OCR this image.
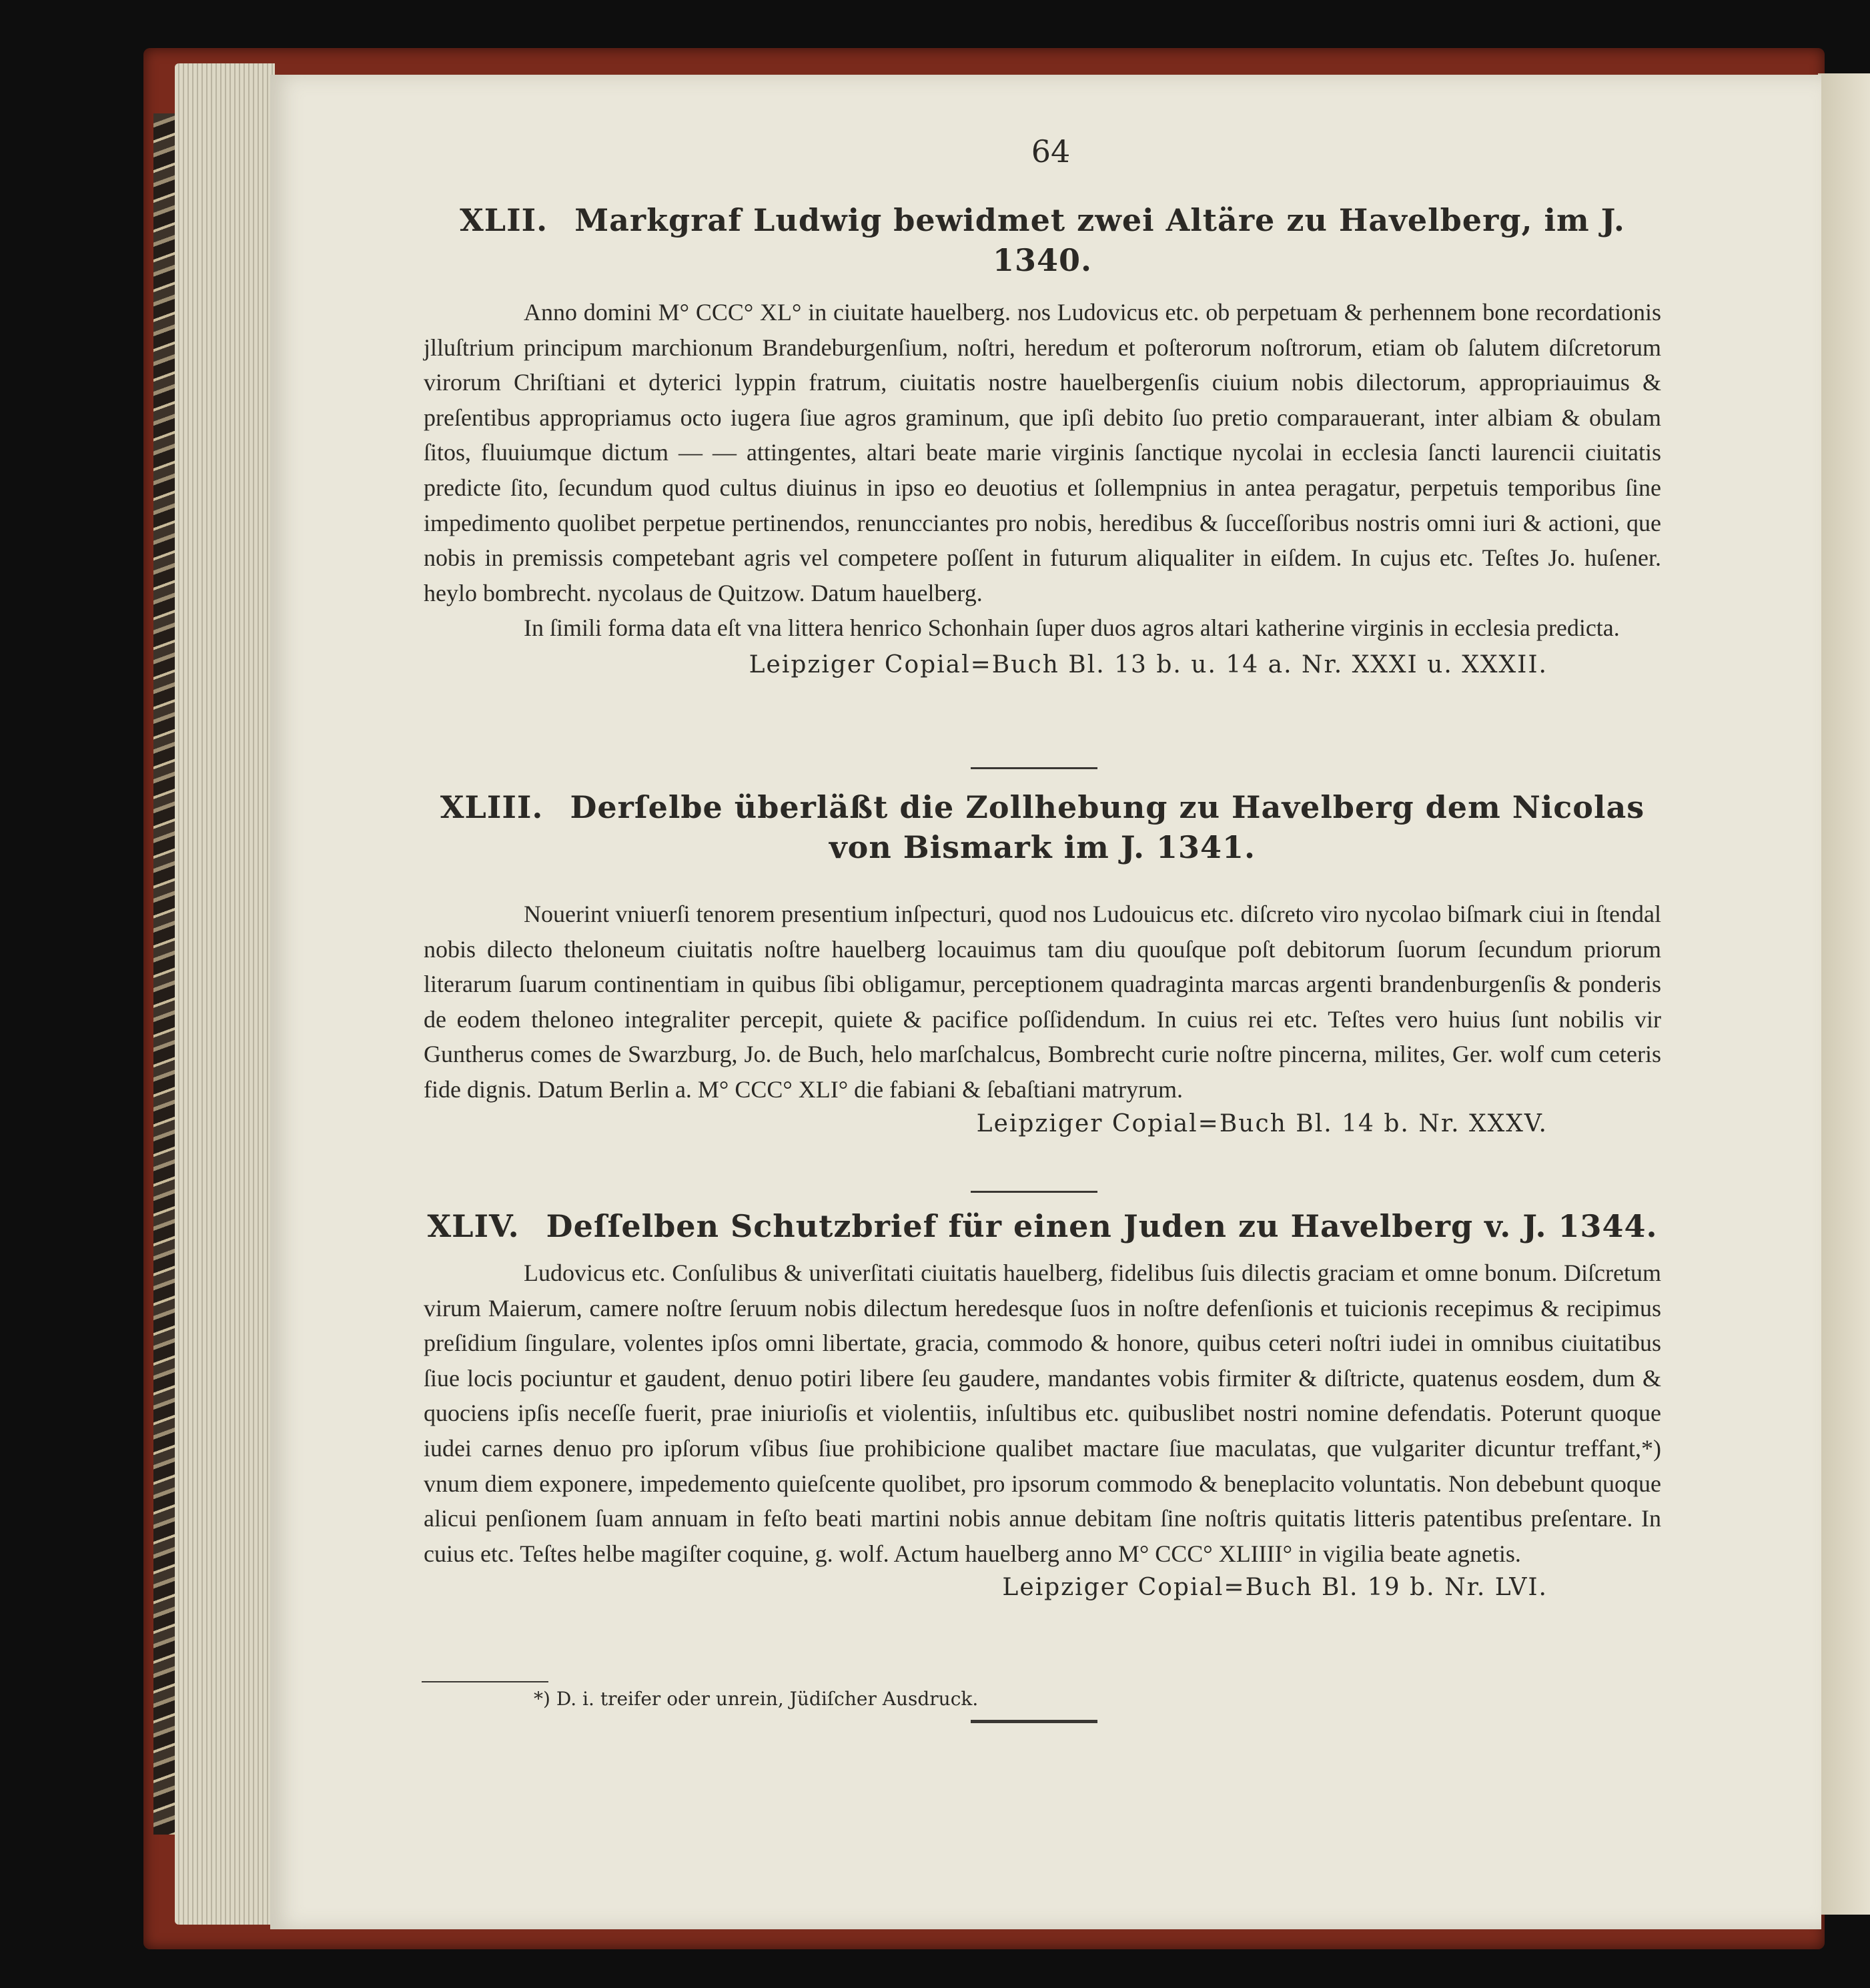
64
XLII. Markgraf Ludwig bewidmet zwei Altäre zu Havelberg, im J. 1340.
Anno domini M° CCC° XL° in ciuitate hauelberg. nos Ludovicus etc. ob perpetuam & perhennem bone recordationis jlluſtrium principum marchionum Brandeburgenſium, noſtri, heredum et poſterorum noſtrorum, etiam ob ſalutem diſcretorum virorum Chriſtiani et dyterici lyppin fratrum, ciuitatis nostre hauelbergenſis ciuium nobis dilectorum, appropriauimus & preſentibus appropriamus octo iugera ſiue agros graminum, que ipſi debito ſuo pretio comparauerant, inter albiam & obulam ſitos, fluuiumque dictum — — attingentes, altari beate marie virginis ſanctique nycolai in ecclesia ſancti laurencii ciuitatis predicte ſito, ſecundum quod cultus diuinus in ipso eo deuotius et ſollempnius in antea peragatur, perpetuis temporibus ſine impedimento quolibet perpetue pertinendos, renuncciantes pro nobis, heredibus & ſucceſſoribus nostris omni iuri & actioni, que nobis in premissis competebant agris vel competere poſſent in futurum aliqualiter in eiſdem. In cujus etc. Teſtes Jo. huſener. heylo bombrecht. nycolaus de Quitzow. Datum hauelberg.
In ſimili forma data eſt vna littera henrico Schonhain ſuper duos agros altari katherine virginis in ecclesia predicta.
Leipziger Copial=Buch Bl. 13 b. u. 14 a. Nr. XXXI u. XXXII.
XLIII. Derſelbe überläßt die Zollhebung zu Havelberg dem Nicolas von Bismark im J. 1341.
Nouerint vniuerſi tenorem presentium inſpecturi, quod nos Ludouicus etc. diſcreto viro nycolao biſmark ciui in ſtendal nobis dilecto theloneum ciuitatis noſtre hauelberg locauimus tam diu quouſque poſt debitorum ſuorum ſecundum priorum literarum ſuarum continentiam in quibus ſibi obligamur, perceptionem quadraginta marcas argenti brandenburgenſis & ponderis de eodem theloneo integraliter percepit, quiete & pacifice poſſidendum. In cuius rei etc. Teſtes vero huius ſunt nobilis vir Guntherus comes de Swarzburg, Jo. de Buch, helo marſchalcus, Bombrecht curie noſtre pincerna, milites, Ger. wolf cum ceteris fide dignis. Datum Berlin a. M° CCC° XLI° die fabiani & ſebaſtiani matryrum.
Leipziger Copial=Buch Bl. 14 b. Nr. XXXV.
XLIV. Deſſelben Schutzbrief für einen Juden zu Havelberg v. J. 1344.
Ludovicus etc. Conſulibus & univerſitati ciuitatis hauelberg, fidelibus ſuis dilectis graciam et omne bonum. Diſcretum virum Maierum, camere noſtre ſeruum nobis dilectum heredesque ſuos in noſtre defenſionis et tuicionis recepimus & recipimus preſidium ſingulare, volentes ipſos omni libertate, gracia, commodo & honore, quibus ceteri noſtri iudei in omnibus ciuitatibus ſiue locis pociuntur et gaudent, denuo potiri libere ſeu gaudere, mandantes vobis firmiter & diſtricte, quatenus eosdem, dum & quociens ipſis neceſſe fuerit, prae iniurioſis et violentiis, inſultibus etc. quibuslibet nostri nomine defendatis. Poterunt quoque iudei carnes denuo pro ipſorum vſibus ſiue prohibicione qualibet mactare ſiue maculatas, que vulgariter dicuntur treffant,*) vnum diem exponere, impedemento quieſcente quolibet, pro ipsorum commodo & beneplacito voluntatis. Non debebunt quoque alicui penſionem ſuam annuam in feſto beati martini nobis annue debitam ſine noſtris quitatis litteris patentibus preſentare. In cuius etc. Teſtes helbe magiſter coquine, g. wolf. Actum hauelberg anno M° CCC° XLIIII° in vigilia beate agnetis.
Leipziger Copial=Buch Bl. 19 b. Nr. LVI.
*) D. i. treifer oder unrein, Jüdiſcher Ausdruck.
